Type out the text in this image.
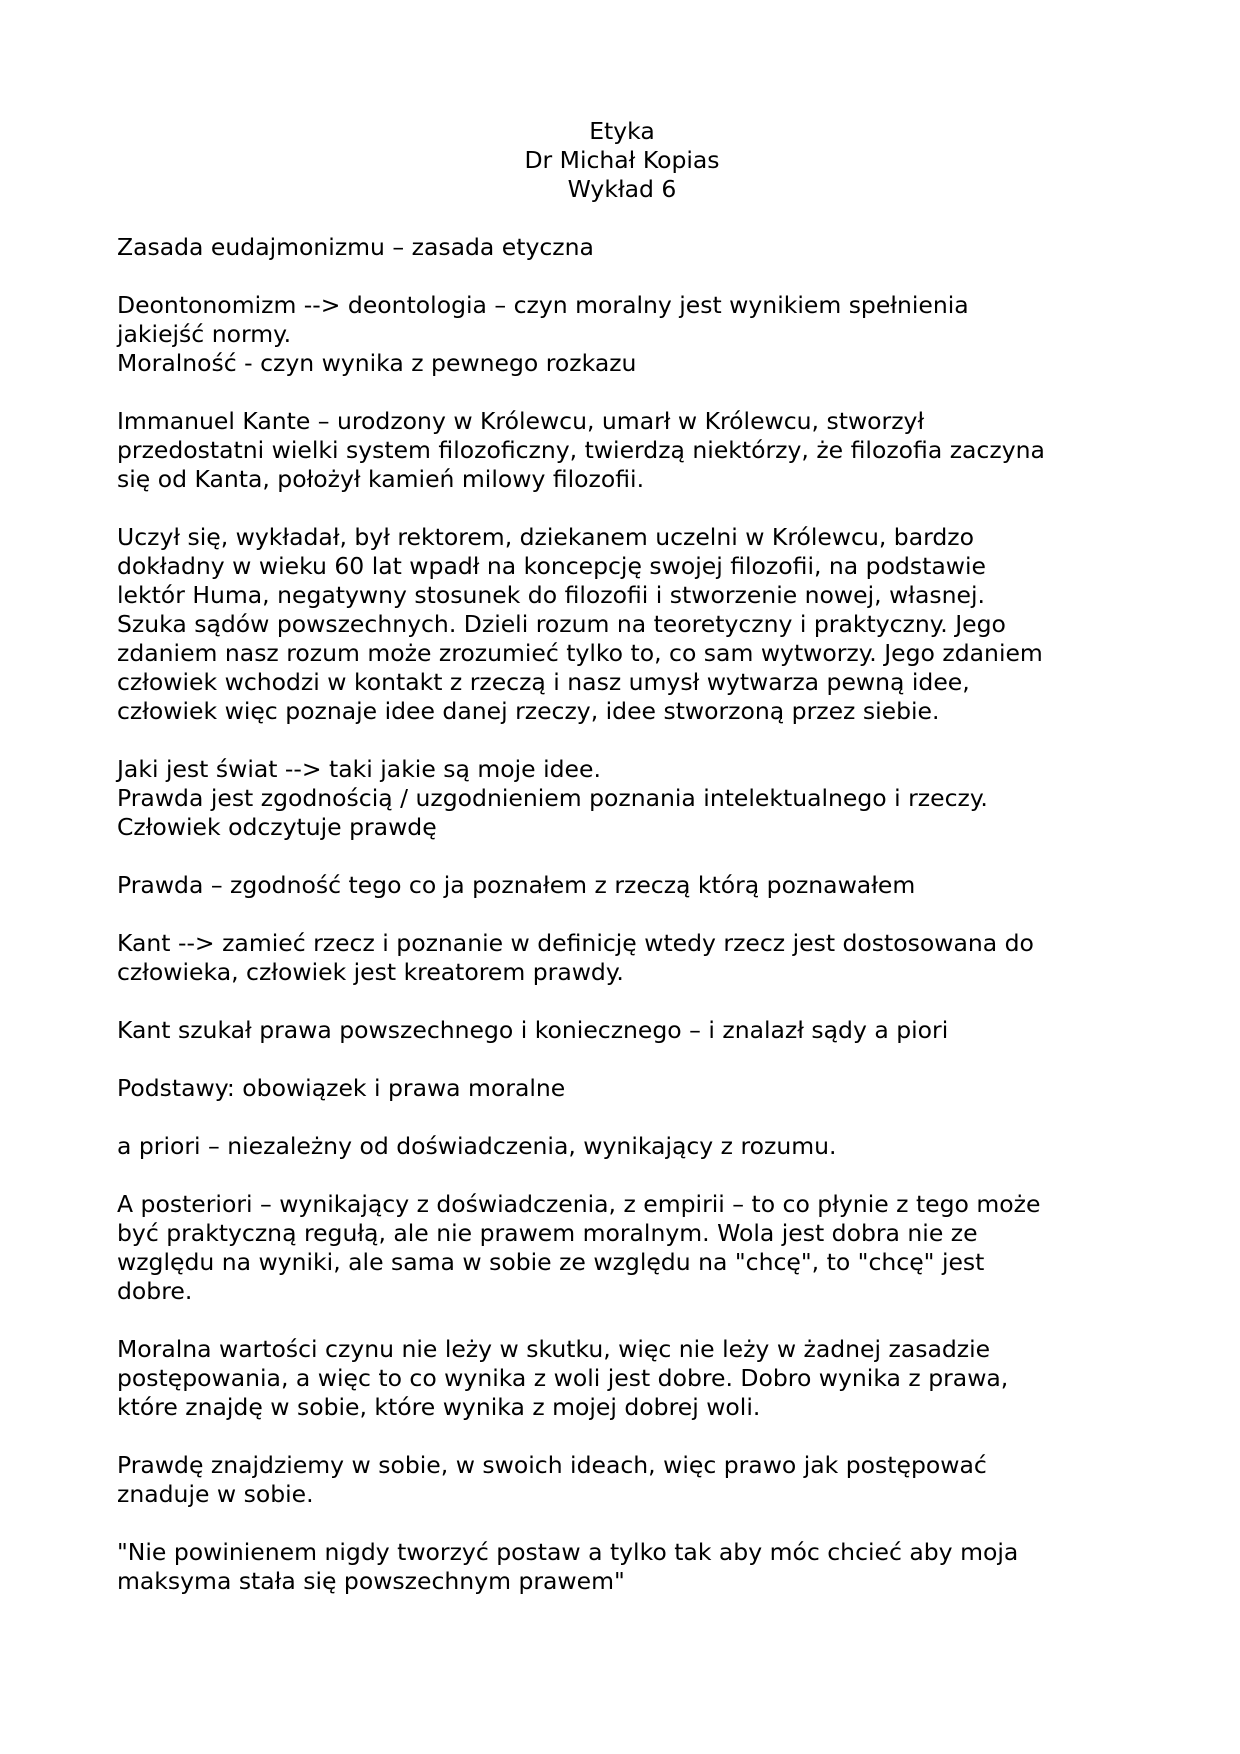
Etyka
Dr Michał Kopias
Wykład 6

Zasada eudajmonizmu – zasada etyczna

Deontonomizm --> deontologia – czyn moralny jest wynikiem spełnienia
jakiejść normy.
Moralność - czyn wynika z pewnego rozkazu

Immanuel Kante – urodzony w Królewcu, umarł w Królewcu, stworzył
przedostatni wielki system filozoficzny, twierdzą niektórzy, że filozofia zaczyna
się od Kanta, położył kamień milowy filozofii.

Uczył się, wykładał, był rektorem, dziekanem uczelni w Królewcu, bardzo
dokładny w wieku 60 lat wpadł na koncepcję swojej filozofii, na podstawie
lektór Huma, negatywny stosunek do filozofii i stworzenie nowej, własnej.
Szuka sądów powszechnych. Dzieli rozum na teoretyczny i praktyczny. Jego
zdaniem nasz rozum może zrozumieć tylko to, co sam wytworzy. Jego zdaniem
człowiek wchodzi w kontakt z rzeczą i nasz umysł wytwarza pewną idee,
człowiek więc poznaje idee danej rzeczy, idee stworzoną przez siebie.

Jaki jest świat --> taki jakie są moje idee.
Prawda jest zgodnością / uzgodnieniem poznania intelektualnego i rzeczy.
Człowiek odczytuje prawdę

Prawda – zgodność tego co ja poznałem z rzeczą którą poznawałem

Kant --> zamieć rzecz i poznanie w definicję wtedy rzecz jest dostosowana do
człowieka, człowiek jest kreatorem prawdy.

Kant szukał prawa powszechnego i koniecznego – i znalazł sądy a piori

Podstawy: obowiązek i prawa moralne

a priori – niezależny od doświadczenia, wynikający z rozumu.

A posteriori – wynikający z doświadczenia, z empirii – to co płynie z tego może
być praktyczną regułą, ale nie prawem moralnym. Wola jest dobra nie ze
względu na wyniki, ale sama w sobie ze względu na "chcę", to "chcę" jest
dobre.

Moralna wartości czynu nie leży w skutku, więc nie leży w żadnej zasadzie
postępowania, a więc to co wynika z woli jest dobre. Dobro wynika z prawa,
które znajdę w sobie, które wynika z mojej dobrej woli.

Prawdę znajdziemy w sobie, w swoich ideach, więc prawo jak postępować
znaduje w sobie.

"Nie powinienem nigdy tworzyć postaw a tylko tak aby móc chcieć aby moja
maksyma stała się powszechnym prawem"
